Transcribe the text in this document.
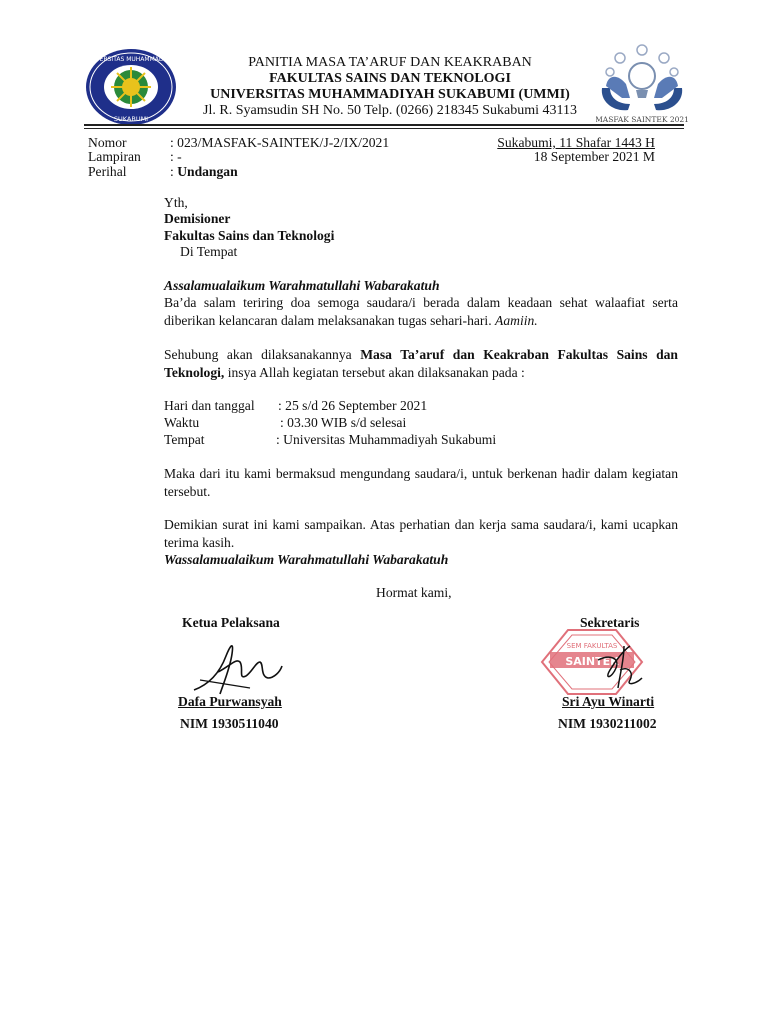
UNIVERSITAS MUHAMMADIYAH
SUKABUMI
PANITIA MASA TA’ARUF DAN KEAKRABAN
FAKULTAS SAINS DAN TEKNOLOGI
UNIVERSITAS MUHAMMADIYAH SUKABUMI (UMMI)
Jl. R. Syamsudin SH No. 50 Telp. (0266) 218345 Sukabumi 43113
MASFAK SAINTEK 2021
Nomor	: 023/MASFAK-SAINTEK/J-2/IX/2021
Lampiran : -
Perihal	: Undangan
Sukabumi, 11 Shafar 1443 H
18 September 2021 M
Yth,
Demisioner
Fakultas Sains dan Teknologi
Di Tempat
Assalamualaikum Warahmatullahi Wabarakatuh
Ba’da salam teriring doa semoga saudara/i berada dalam keadaan sehat walaafiat serta diberikan kelancaran dalam melaksanakan tugas sehari-hari. Aamiin.
Sehubung akan dilaksanakannya Masa Ta’aruf dan Keakraban Fakultas Sains dan Teknologi, insya Allah kegiatan tersebut akan dilaksanakan pada :
Hari dan tanggal : 25 s/d 26 September 2021
Waktu	: 03.30 WIB s/d selesai
Tempat	: Universitas Muhammadiyah Sukabumi
Maka dari itu kami bermaksud mengundang saudara/i, untuk berkenan hadir dalam kegiatan tersebut.
Demikian surat ini kami sampaikan. Atas perhatian dan kerja sama saudara/i, kami ucapkan terima kasih.
Wassalamualaikum Warahmatullahi Wabarakatuh
Hormat kami,
Ketua Pelaksana	Sekretaris
SEM FAKULTAS
SAINTEK
Dafa Purwansyah	Sri Ayu Winarti
NIM 1930511040	NIM 1930211002
